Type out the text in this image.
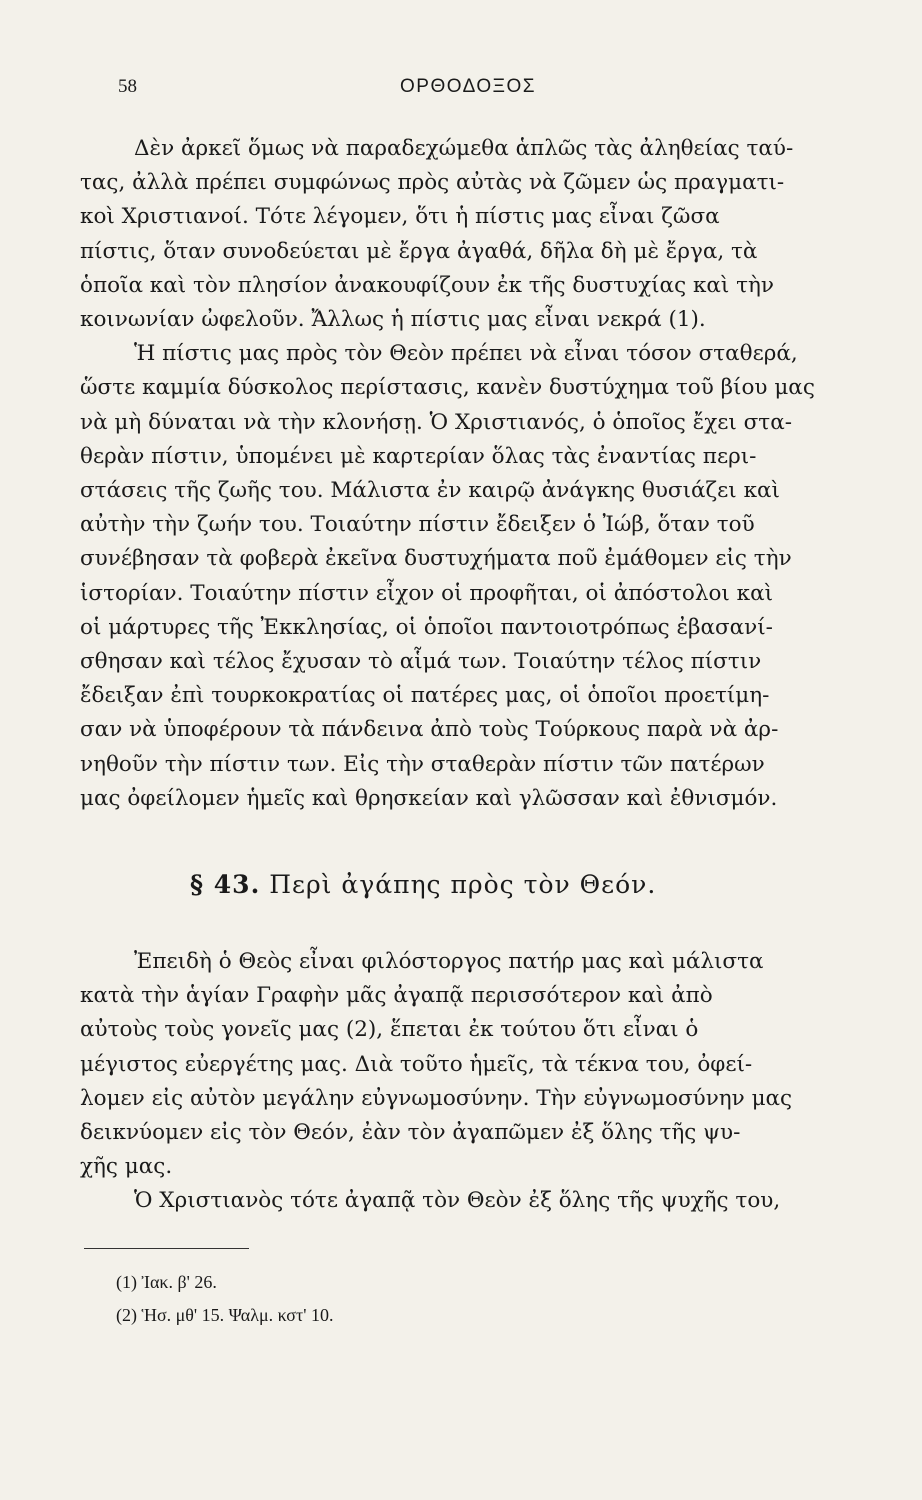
58	ΟΡΘΟΔΟΞΟΣ

Δὲν ἀρκεῖ ὅμως νὰ παραδεχώμεθα ἁπλῶς τὰς ἀληθείας ταύ-
τας, ἀλλὰ πρέπει συμφώνως πρὸς αὐτὰς νὰ ζῶμεν ὡς πραγματι-
κοὶ Χριστιανοί. Τότε λέγομεν, ὅτι ἡ πίστις μας εἶναι ζῶσα
πίστις, ὅταν συνοδεύεται μὲ ἔργα ἀγαθά, δῆλα δὴ μὲ ἔργα, τὰ
ὁποῖα καὶ τὸν πλησίον ἀνακουφίζουν ἐκ τῆς δυστυχίας καὶ τὴν
κοινωνίαν ὠφελοῦν. Ἄλλως ἡ πίστις μας εἶναι νεκρά (1).

Ἡ πίστις μας πρὸς τὸν Θεὸν πρέπει νὰ εἶναι τόσον σταθερά,
ὥστε καμμία δύσκολος περίστασις, κανὲν δυστύχημα τοῦ βίου μας
νὰ μὴ δύναται νὰ τὴν κλονήσῃ. Ὁ Χριστιανός, ὁ ὁποῖος ἔχει στα-
θερὰν πίστιν, ὑπομένει μὲ καρτερίαν ὅλας τὰς ἐναντίας περι-
στάσεις τῆς ζωῆς του. Μάλιστα ἐν καιρῷ ἀνάγκης θυσιάζει καὶ
αὐτὴν τὴν ζωήν του. Τοιαύτην πίστιν ἔδειξεν ὁ Ἰώβ, ὅταν τοῦ
συνέβησαν τὰ φοβερὰ ἐκεῖνα δυστυχήματα ποῦ ἐμάθομεν εἰς τὴν
ἱστορίαν. Τοιαύτην πίστιν εἶχον οἱ προφῆται, οἱ ἀπόστολοι καὶ
οἱ μάρτυρες τῆς Ἐκκλησίας, οἱ ὁποῖοι παντοιοτρόπως ἐβασανί-
σθησαν καὶ τέλος ἔχυσαν τὸ αἷμά των. Τοιαύτην τέλος πίστιν
ἔδειξαν ἐπὶ τουρκοκρατίας οἱ πατέρες μας, οἱ ὁποῖοι προετίμη-
σαν νὰ ὑποφέρουν τὰ πάνδεινα ἀπὸ τοὺς Τούρκους παρὰ νὰ ἀρ-
νηθοῦν τὴν πίστιν των. Εἰς τὴν σταθερὰν πίστιν τῶν πατέρων
μας ὀφείλομεν ἡμεῖς καὶ θρησκείαν καὶ γλῶσσαν καὶ ἐθνισμόν.

§ 43. Περὶ ἀγάπης πρὸς τὸν Θεόν.

Ἐπειδὴ ὁ Θεὸς εἶναι φιλόστοργος πατήρ μας καὶ μάλιστα
κατὰ τὴν ἁγίαν Γραφὴν μᾶς ἀγαπᾷ περισσότερον καὶ ἀπὸ
αὐτοὺς τοὺς γονεῖς μας (2), ἕπεται ἐκ τούτου ὅτι εἶναι ὁ
μέγιστος εὐεργέτης μας. Διὰ τοῦτο ἡμεῖς, τὰ τέκνα του, ὀφεί-
λομεν εἰς αὐτὸν μεγάλην εὐγνωμοσύνην. Τὴν εὐγνωμοσύνην μας
δεικνύομεν εἰς τὸν Θεόν, ἐὰν τὸν ἀγαπῶμεν ἐξ ὅλης τῆς ψυ-
χῆς μας.

Ὁ Χριστιανὸς τότε ἀγαπᾷ τὸν Θεὸν ἐξ ὅλης τῆς ψυχῆς του,

(1) Ἰακ. β' 26.
(2) Ἡσ. μθ' 15. Ψαλμ. κστ' 10.
